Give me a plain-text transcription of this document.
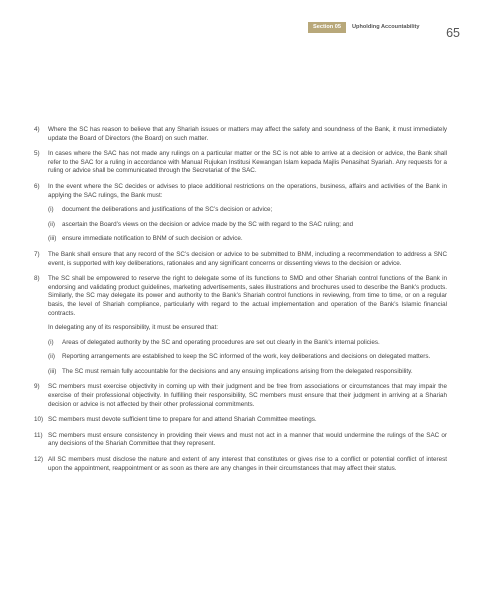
Section 05	Upholding Accountability 65
4)	Where the SC has reason to believe that any Shariah issues or matters may affect the safety and soundness of the Bank, it must immediately update the Board of Directors (the Board) on such matter.
5)	In cases where the SAC has not made any rulings on a particular matter or the SC is not able to arrive at a decision or advice, the Bank shall refer to the SAC for a ruling in accordance with Manual Rujukan Institusi Kewangan Islam kepada Majlis Penasihat Syariah. Any requests for a ruling or advice shall be communicated through the Secretariat of the SAC.
6)	In the event where the SC decides or advises to place additional restrictions on the operations, business, affairs and activities of the Bank in applying the SAC rulings, the Bank must:
(i)	document the deliberations and justifications of the SC’s decision or advice;
(ii)	ascertain the Board’s views on the decision or advice made by the SC with regard to the SAC ruling; and
(iii) ensure immediate notification to BNM of such decision or advice.
7)	The Bank shall ensure that any record of the SC’s decision or advice to be submitted to BNM, including a recommendation to address a SNC event, is supported with key deliberations, rationales and any significant concerns or dissenting views to the decision or advice.
8)	The SC shall be empowered to reserve the right to delegate some of its functions to SMD and other Shariah control functions of the Bank in endorsing and validating product guidelines, marketing advertisements, sales illustrations and brochures used to describe the Bank’s products. Similarly, the SC may delegate its power and authority to the Bank’s Shariah control functions in reviewing, from time to time, or on a regular basis, the level of Shariah compliance, particularly with regard to the actual implementation and operation of the Bank’s Islamic financial contracts.
In delegating any of its responsibility, it must be ensured that:
(i)	Areas of delegated authority by the SC and operating procedures are set out clearly in the Bank’s internal policies.
(ii)	Reporting arrangements are established to keep the SC informed of the work, key deliberations and decisions on delegated matters.
(iii) The SC must remain fully accountable for the decisions and any ensuing implications arising from the delegated responsibility.
9)	SC members must exercise objectivity in coming up with their judgment and be free from associations or circumstances that may impair the exercise of their professional objectivity. In fulfilling their responsibility, SC members must ensure that their judgment in arriving at a Shariah decision or advice is not affected by their other professional commitments.
10) SC members must devote sufficient time to prepare for and attend Shariah Committee meetings.
11) SC members must ensure consistency in providing their views and must not act in a manner that would undermine the rulings of the SAC or any decisions of the Shariah Committee that they represent.
12) All SC members must disclose the nature and extent of any interest that constitutes or gives rise to a conflict or potential conflict of interest upon the appointment, reappointment or as soon as there are any changes in their circumstances that may affect their status.
